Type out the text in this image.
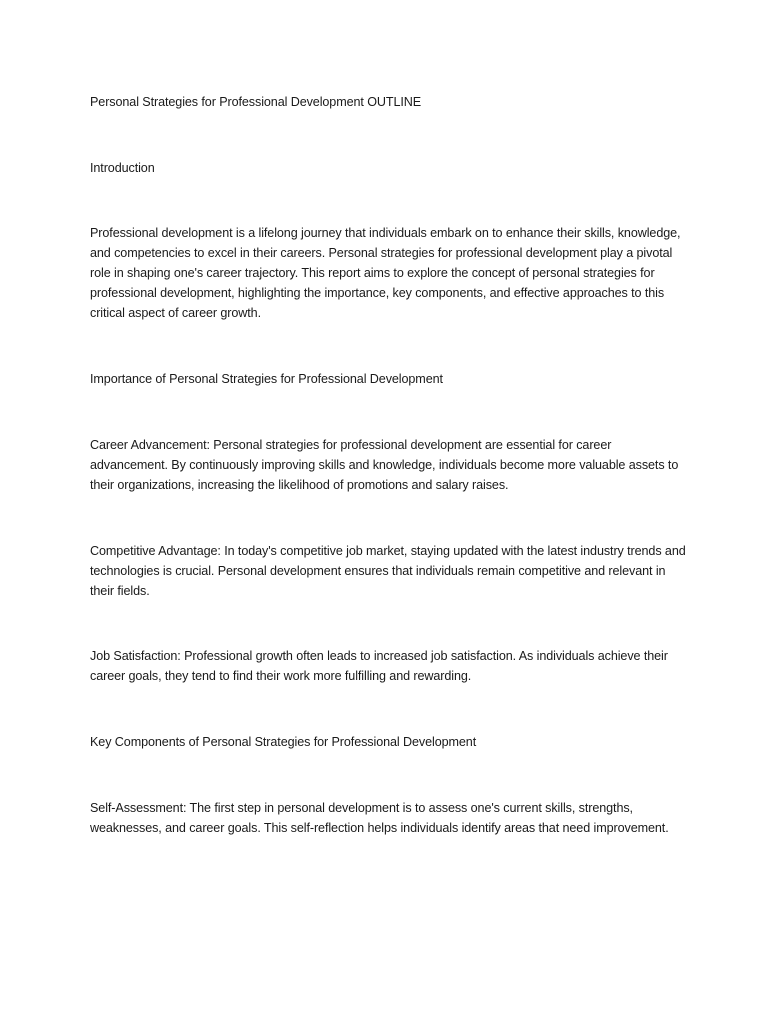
Personal Strategies for Professional Development OUTLINE

Introduction

Professional development is a lifelong journey that individuals embark on to enhance their skills, knowledge, and competencies to excel in their careers. Personal strategies for professional development play a pivotal role in shaping one's career trajectory. This report aims to explore the concept of personal strategies for professional development, highlighting the importance, key components, and effective approaches to this critical aspect of career growth.

Importance of Personal Strategies for Professional Development

Career Advancement: Personal strategies for professional development are essential for career advancement. By continuously improving skills and knowledge, individuals become more valuable assets to their organizations, increasing the likelihood of promotions and salary raises.

Competitive Advantage: In today's competitive job market, staying updated with the latest industry trends and technologies is crucial. Personal development ensures that individuals remain competitive and relevant in their fields.

Job Satisfaction: Professional growth often leads to increased job satisfaction. As individuals achieve their career goals, they tend to find their work more fulfilling and rewarding.

Key Components of Personal Strategies for Professional Development

Self-Assessment: The first step in personal development is to assess one's current skills, strengths, weaknesses, and career goals. This self-reflection helps individuals identify areas that need improvement.
